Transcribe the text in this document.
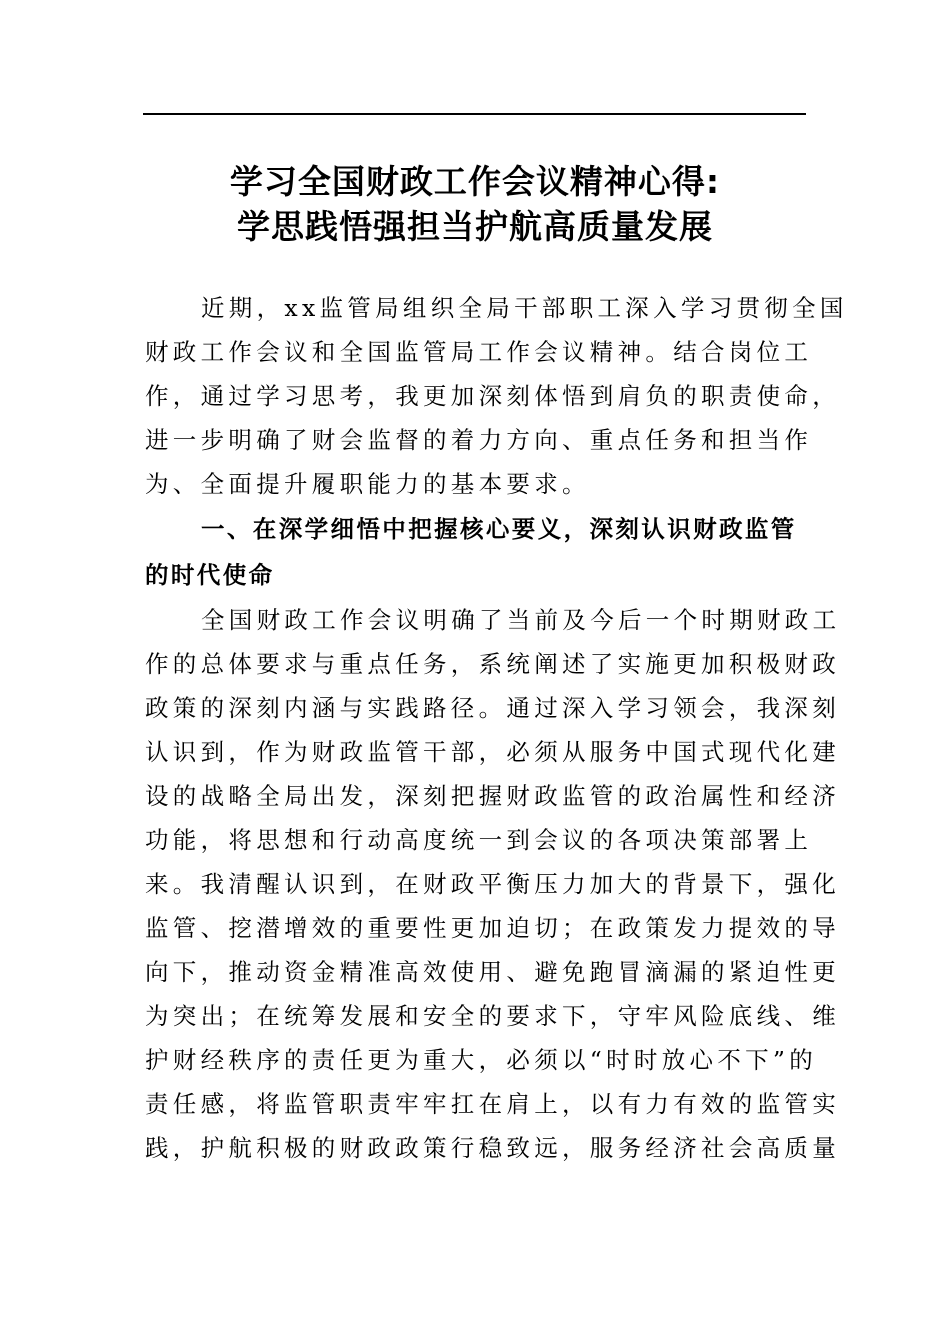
学习全国财政工作会议精神心得:
学思践悟强担当护航高质量发展
近期，xx监管局组织全局干部职工深入学习贯彻全国
财政工作会议和全国监管局工作会议精神。结合岗位工
作，通过学习思考，我更加深刻体悟到肩负的职责使命，
进一步明确了财会监督的着力方向、重点任务和担当作
为、全面提升履职能力的基本要求。
一、在深学细悟中把握核心要义，深刻认识财政监管
的时代使命
全国财政工作会议明确了当前及今后一个时期财政工
作的总体要求与重点任务，系统阐述了实施更加积极财政
政策的深刻内涵与实践路径。通过深入学习领会，我深刻
认识到，作为财政监管干部，必须从服务中国式现代化建
设的战略全局出发，深刻把握财政监管的政治属性和经济
功能，将思想和行动高度统一到会议的各项决策部署上
来。我清醒认识到，在财政平衡压力加大的背景下，强化
监管、挖潜增效的重要性更加迫切；在政策发力提效的导
向下，推动资金精准高效使用、避免跑冒滴漏的紧迫性更
为突出；在统筹发展和安全的要求下，守牢风险底线、维
护财经秩序的责任更为重大，必须以“时时放心不下”的
责任感，将监管职责牢牢扛在肩上，以有力有效的监管实
践，护航积极的财政政策行稳致远，服务经济社会高质量
